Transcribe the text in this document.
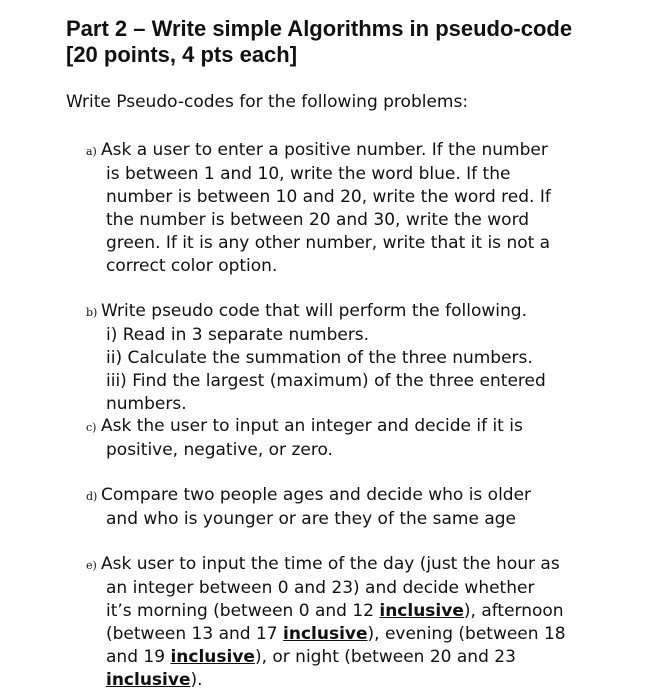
Part 2 – Write simple Algorithms in pseudo-code
[20 points, 4 pts each]

Write Pseudo-codes for the following problems:

a) Ask a user to enter a positive number. If the number
is between 1 and 10, write the word blue. If the
number is between 10 and 20, write the word red. If
the number is between 20 and 30, write the word
green. If it is any other number, write that it is not a
correct color option.
b) Write pseudo code that will perform the following.
i) Read in 3 separate numbers.
ii) Calculate the summation of the three numbers.
iii) Find the largest (maximum) of the three entered
numbers.
c) Ask the user to input an integer and decide if it is
positive, negative, or zero.
d) Compare two people ages and decide who is older
and who is younger or are they of the same age
e) Ask user to input the time of the day (just the hour as
an integer between 0 and 23) and decide whether
it’s morning (between 0 and 12 inclusive), afternoon
(between 13 and 17 inclusive), evening (between 18
and 19 inclusive), or night (between 20 and 23
inclusive).
